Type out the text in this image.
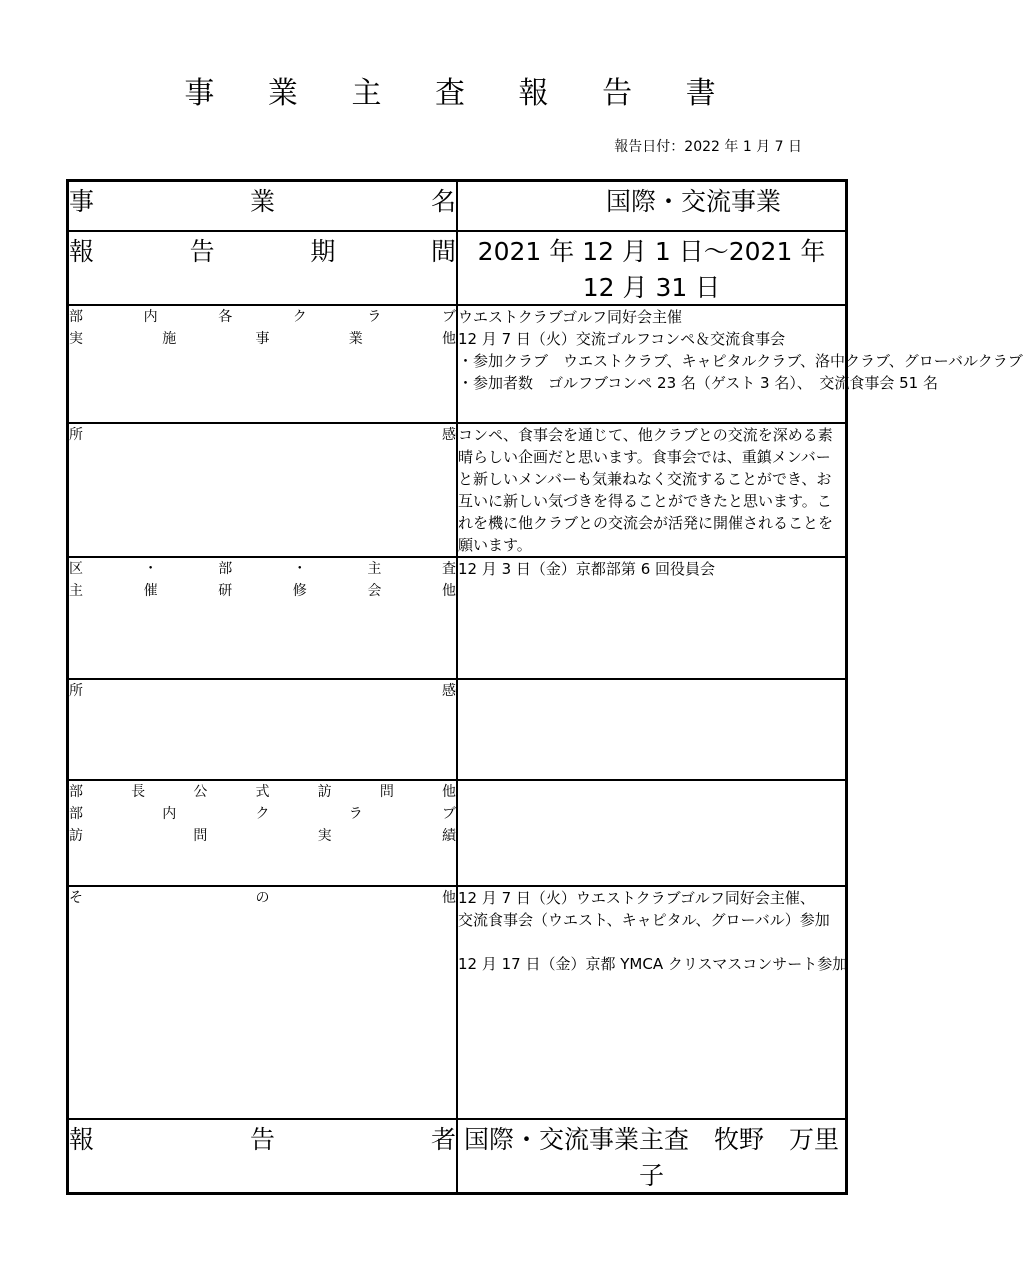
事 業 主 査 報 告 書
報告日付：2022 年 1 月 7 日
事 業 名	国際・交流事業

報告期間	2021 年 12 月 1 日～2021 年 12 月 31 日

部内各クラブ
実施事業他	ウエストクラブゴルフ同好会主催
12 月 7 日（火）交流ゴルフコンペ＆交流食事会
・参加クラブ　ウエストクラブ、キャピタルクラブ、洛中クラブ、グローバルクラブ
・参加者数　ゴルフブコンペ 23 名（ゲスト 3 名）、　交流食事会 51 名

所　　　　感	コンペ、食事会を通じて、他クラブとの交流を深める素晴らしい企画だと思います。食事会では、重鎮メンバーと新しいメンバーも気兼ねなく交流することができ、お互いに新しい気づきを得ることができたと思います。これを機に他クラブとの交流会が活発に開催されることを願います。

区・部・主査
主催研修会他	12 月 3 日（金）京都部第 6 回役員会

所　　　　感	

部長公式訪問他
部内クラブ
訪問実績	

そ　の　他	12 月 7 日（火）ウエストクラブゴルフ同好会主催、
交流食事会（ウエスト、キャピタル、グローバル）参加
12 月 17 日（金）京都 YMCA クリスマスコンサート参加

報 告 者	国際・交流事業主査　牧野　万里子
